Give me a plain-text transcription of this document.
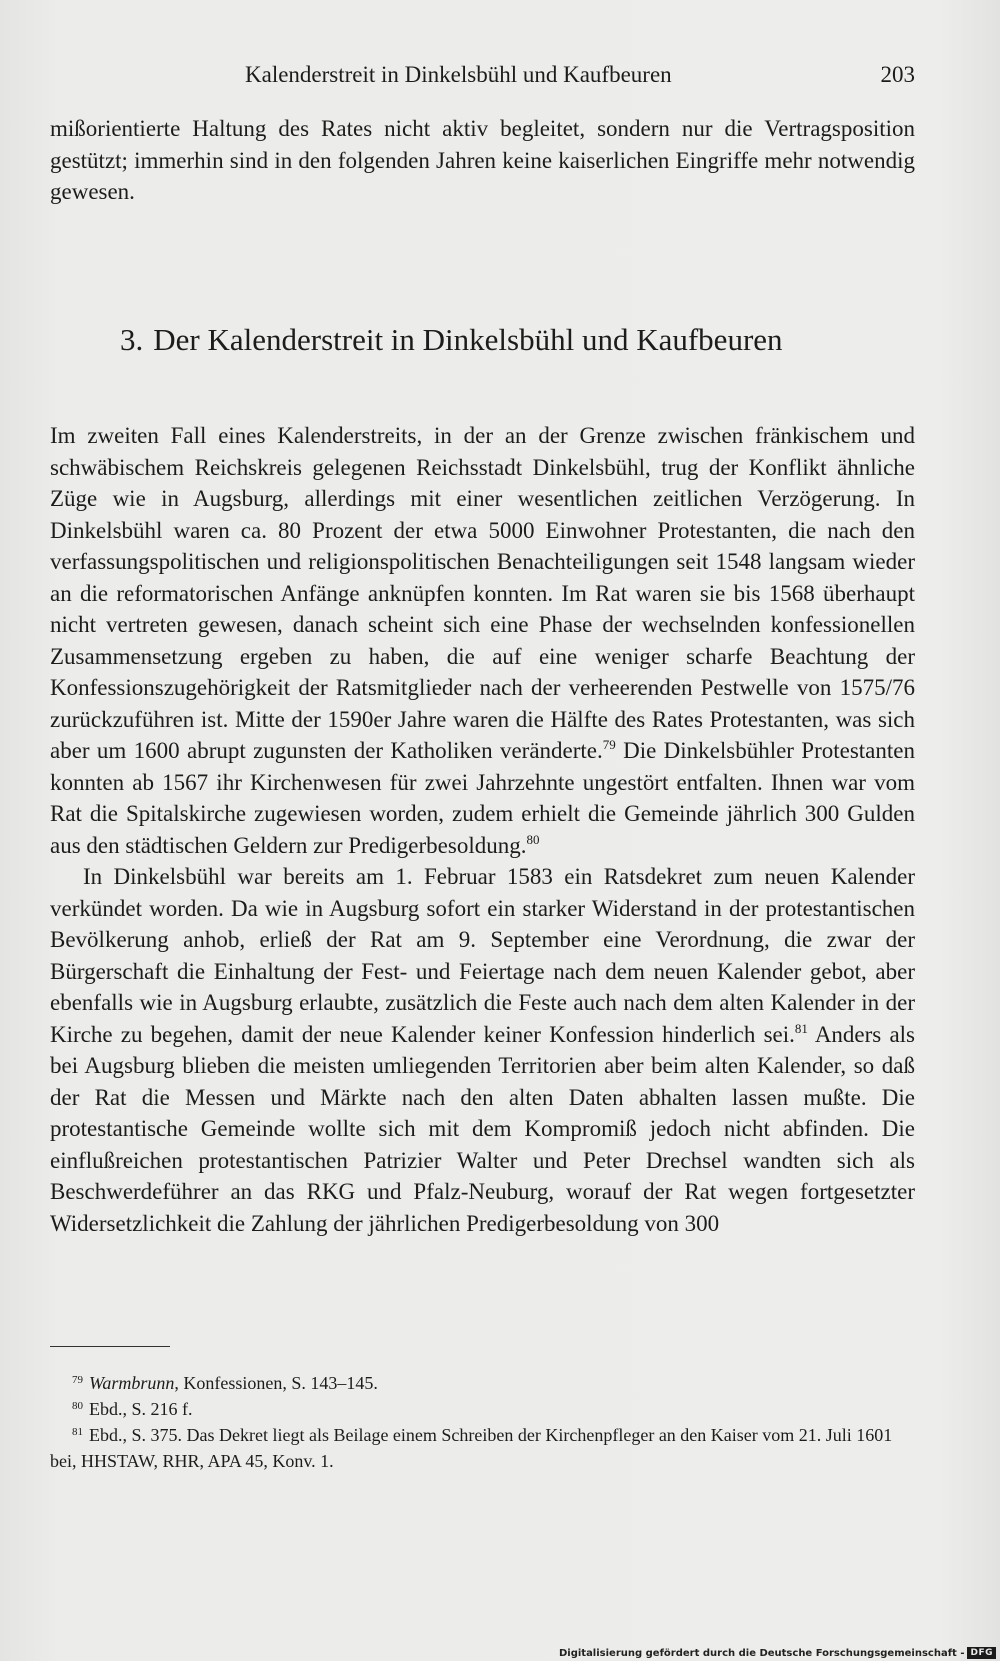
Kalenderstreit in Dinkelsbühl und Kaufbeuren	203

mißorientierte Haltung des Rates nicht aktiv begleitet, sondern nur die Vertragsposition gestützt; immerhin sind in den folgenden Jahren keine kaiserlichen Eingriffe mehr notwendig gewesen.

3. Der Kalenderstreit in Dinkelsbühl und Kaufbeuren

Im zweiten Fall eines Kalenderstreits, in der an der Grenze zwischen fränkischem und schwäbischem Reichskreis gelegenen Reichsstadt Dinkelsbühl, trug der Konflikt ähnliche Züge wie in Augsburg, allerdings mit einer wesentlichen zeitlichen Verzögerung. In Dinkelsbühl waren ca. 80 Prozent der etwa 5000 Einwohner Protestanten, die nach den verfassungspolitischen und religionspolitischen Benachteiligungen seit 1548 langsam wieder an die reformatorischen Anfänge anknüpfen konnten. Im Rat waren sie bis 1568 überhaupt nicht vertreten gewesen, danach scheint sich eine Phase der wechselnden konfessionellen Zusammensetzung ergeben zu haben, die auf eine weniger scharfe Beachtung der Konfessionszugehörigkeit der Ratsmitglieder nach der verheerenden Pestwelle von 1575/76 zurückzuführen ist. Mitte der 1590er Jahre waren die Hälfte des Rates Protestanten, was sich aber um 1600 abrupt zugunsten der Katholiken veränderte.$^{79}$ Die Dinkelsbühler Protestanten konnten ab 1567 ihr Kirchenwesen für zwei Jahrzehnte ungestört entfalten. Ihnen war vom Rat die Spitalskirche zugewiesen worden, zudem erhielt die Gemeinde jährlich 300 Gulden aus den städtischen Geldern zur Predigerbesoldung.$^{80}$

In Dinkelsbühl war bereits am 1. Februar 1583 ein Ratsdekret zum neuen Kalender verkündet worden. Da wie in Augsburg sofort ein starker Widerstand in der protestantischen Bevölkerung anhob, erließ der Rat am 9. September eine Verordnung, die zwar der Bürgerschaft die Einhaltung der Fest- und Feiertage nach dem neuen Kalender gebot, aber ebenfalls wie in Augsburg erlaubte, zusätzlich die Feste auch nach dem alten Kalender in der Kirche zu begehen, damit der neue Kalender keiner Konfession hinderlich sei.$^{81}$ Anders als bei Augsburg blieben die meisten umliegenden Territorien aber beim alten Kalender, so daß der Rat die Messen und Märkte nach den alten Daten abhalten lassen mußte. Die protestantische Gemeinde wollte sich mit dem Kompromiß jedoch nicht abfinden. Die einflußreichen protestantischen Patrizier Walter und Peter Drechsel wandten sich als Beschwerdeführer an das RKG und Pfalz-Neuburg, worauf der Rat wegen fortgesetzter Widersetzlichkeit die Zahlung der jährlichen Predigerbesoldung von 300

$^{79}$ Warmbrunn, Konfessionen, S. 143–145.

$^{80}$ Ebd., S. 216 f.

$^{81}$ Ebd., S. 375. Das Dekret liegt als Beilage einem Schreiben der Kirchenpfleger an den Kaiser vom 21. Juli 1601 bei, HHSTAW, RHR, APA 45, Konv. 1.

Digitalisierung gefördert durch die Deutsche Forschungsgemeinschaft - DFG
